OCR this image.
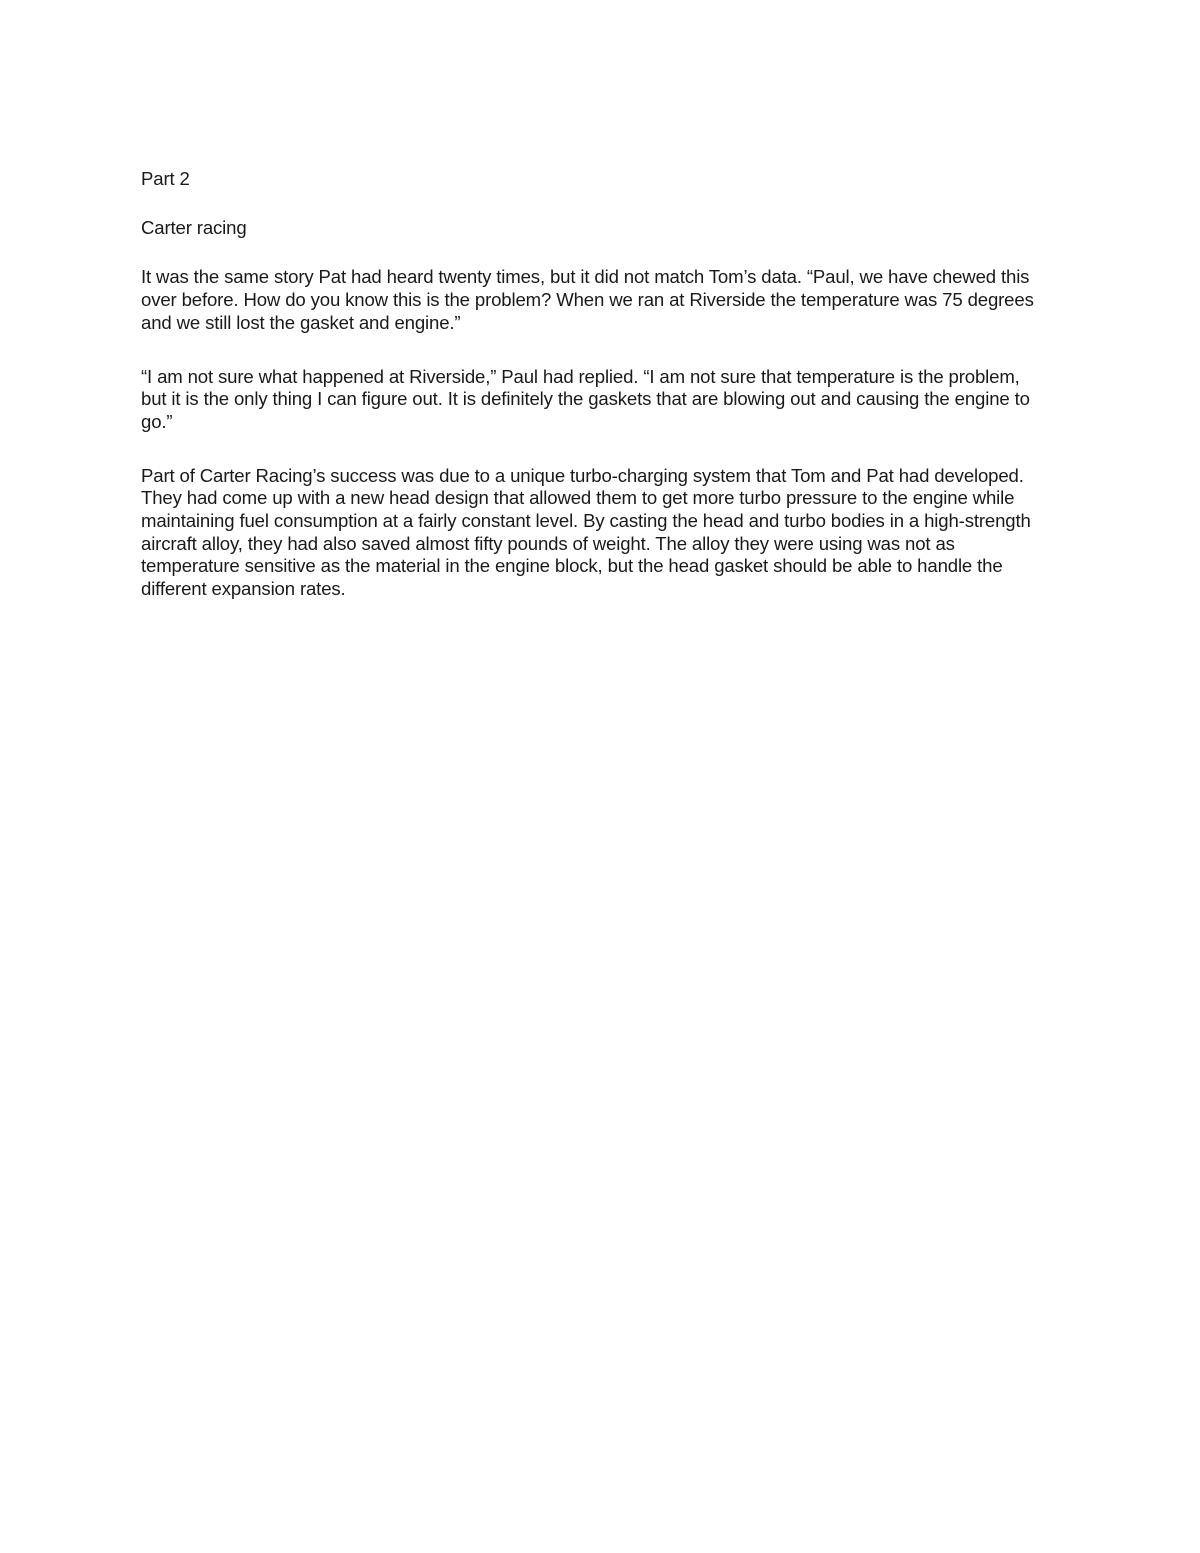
Part 2
Carter racing

It was the same story Pat had heard twenty times, but it did not match Tom’s data. “Paul, we have chewed this over before. How do you know this is the problem? When we ran at Riverside the temperature was 75 degrees and we still lost the gasket and engine.”

“I am not sure what happened at Riverside,” Paul had replied. “I am not sure that temperature is the problem, but it is the only thing I can figure out. It is definitely the gaskets that are blowing out and causing the engine to go.”

Part of Carter Racing’s success was due to a unique turbo-charging system that Tom and Pat had developed. They had come up with a new head design that allowed them to get more turbo pressure to the engine while maintaining fuel consumption at a fairly constant level. By casting the head and turbo bodies in a high-strength aircraft alloy, they had also saved almost fifty pounds of weight. The alloy they were using was not as temperature sensitive as the material in the engine block, but the head gasket should be able to handle the different expansion rates.
